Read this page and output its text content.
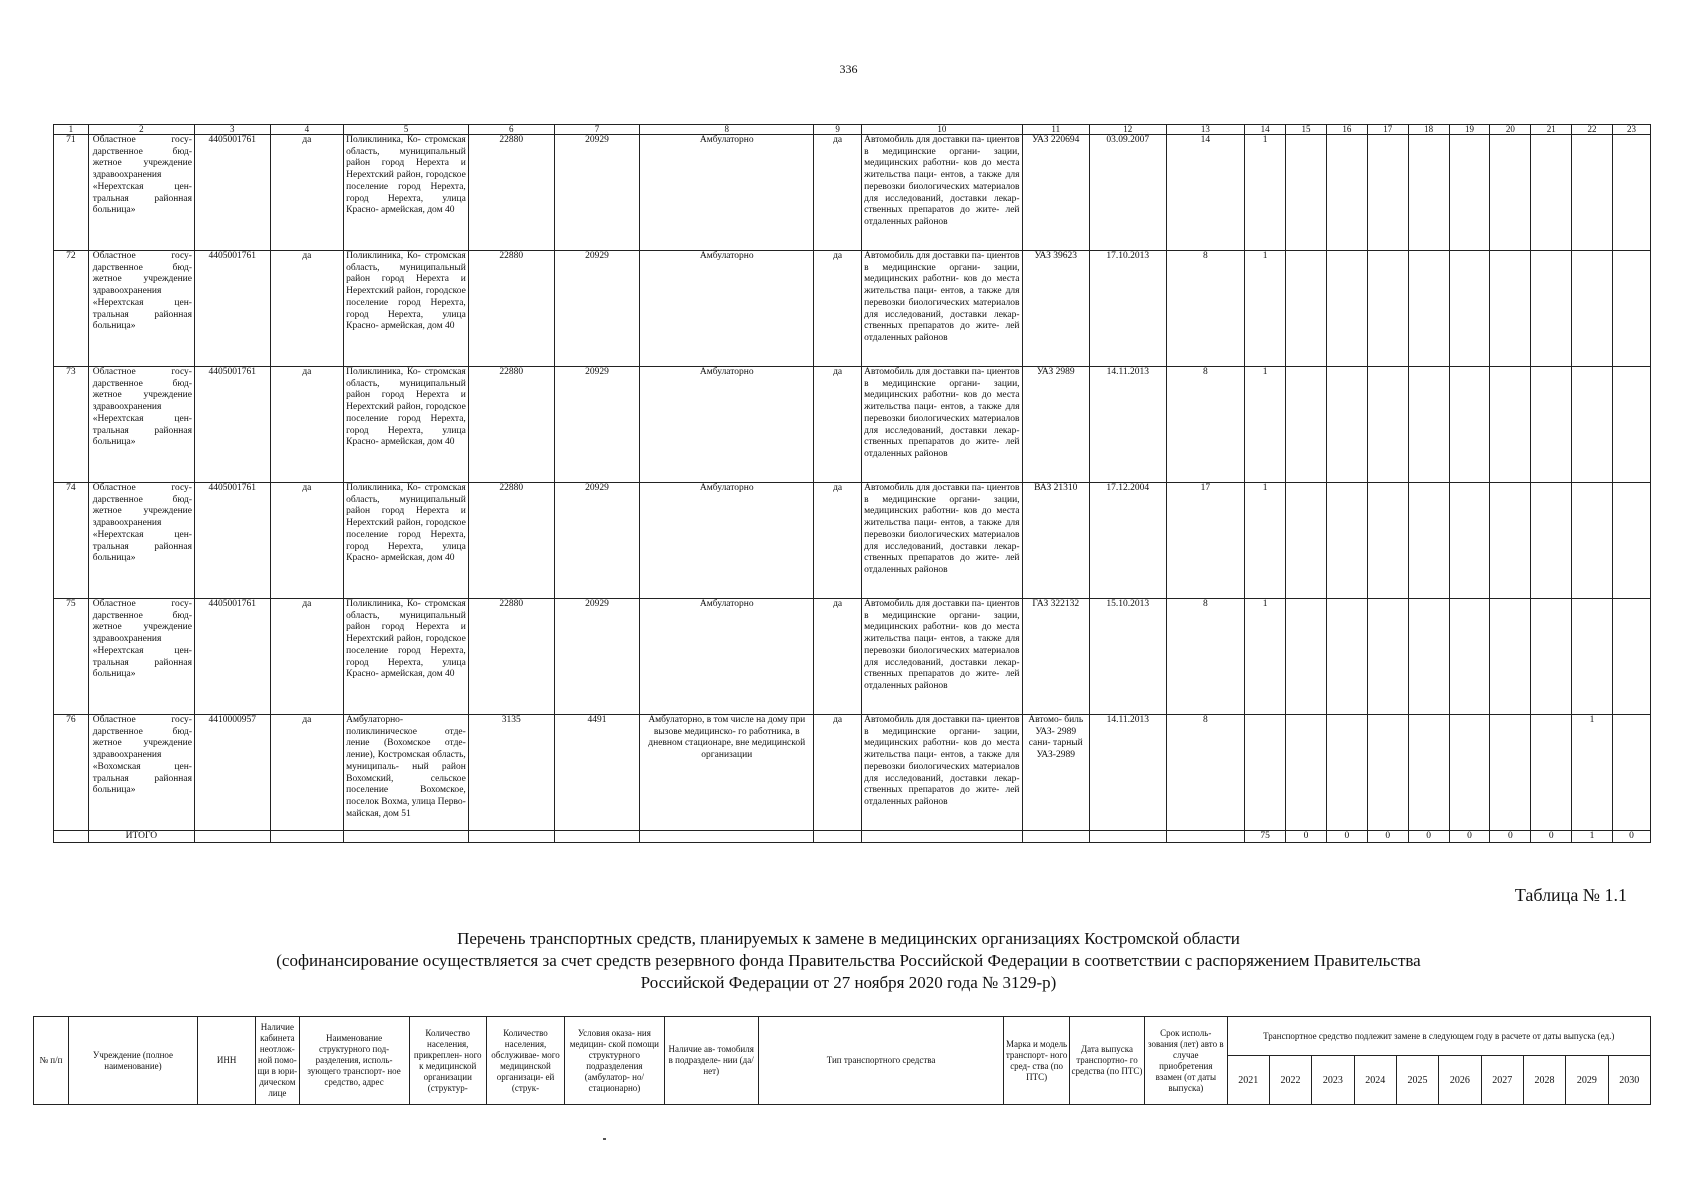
336
1	2	3	4	5	6	7	8	9	10	11	12	13	14	15	16	17	18	19	20	21	22	23
71	Областное госу- дарственное бюд- жетное учреждение здравоохранения «Нерехтская цен- тральная районная больница»	4405001761	да	Поликлиника, Ко- стромская область, муниципальный район город Нерехта и Нерехтский район, городское поселение город Нерехта, город Нерехта, улица Красно- армейская, дом 40	22880	20929	Амбулаторно	да	Автомобиль для доставки па- циентов в медицинские органи- зации, медицинских работни- ков до места жительства паци- ентов, а также для перевозки биологических материалов для исследований, доставки лекар- ственных препаратов до жите- лей отдаленных районов	УАЗ 220694	03.09.2007	14	1									
72	Областное госу- дарственное бюд- жетное учреждение здравоохранения «Нерехтская цен- тральная районная больница»	4405001761	да	Поликлиника, Ко- стромская область, муниципальный район город Нерехта и Нерехтский район, городское поселение город Нерехта, город Нерехта, улица Красно- армейская, дом 40	22880	20929	Амбулаторно	да	Автомобиль для доставки па- циентов в медицинские органи- зации, медицинских работни- ков до места жительства паци- ентов, а также для перевозки биологических материалов для исследований, доставки лекар- ственных препаратов до жите- лей отдаленных районов	УАЗ 39623	17.10.2013	8	1									
73	Областное госу- дарственное бюд- жетное учреждение здравоохранения «Нерехтская цен- тральная районная больница»	4405001761	да	Поликлиника, Ко- стромская область, муниципальный район город Нерехта и Нерехтский район, городское поселение город Нерехта, город Нерехта, улица Красно- армейская, дом 40	22880	20929	Амбулаторно	да	Автомобиль для доставки па- циентов в медицинские органи- зации, медицинских работни- ков до места жительства паци- ентов, а также для перевозки биологических материалов для исследований, доставки лекар- ственных препаратов до жите- лей отдаленных районов	УАЗ 2989	14.11.2013	8	1									
74	Областное госу- дарственное бюд- жетное учреждение здравоохранения «Нерехтская цен- тральная районная больница»	4405001761	да	Поликлиника, Ко- стромская область, муниципальный район город Нерехта и Нерехтский район, городское поселение город Нерехта, город Нерехта, улица Красно- армейская, дом 40	22880	20929	Амбулаторно	да	Автомобиль для доставки па- циентов в медицинские органи- зации, медицинских работни- ков до места жительства паци- ентов, а также для перевозки биологических материалов для исследований, доставки лекар- ственных препаратов до жите- лей отдаленных районов	ВАЗ 21310	17.12.2004	17	1									
75	Областное госу- дарственное бюд- жетное учреждение здравоохранения «Нерехтская цен- тральная районная больница»	4405001761	да	Поликлиника, Ко- стромская область, муниципальный район город Нерехта и Нерехтский район, городское поселение город Нерехта, город Нерехта, улица Красно- армейская, дом 40	22880	20929	Амбулаторно	да	Автомобиль для доставки па- циентов в медицинские органи- зации, медицинских работни- ков до места жительства паци- ентов, а также для перевозки биологических материалов для исследований, доставки лекар- ственных препаратов до жите- лей отдаленных районов	ГАЗ 322132	15.10.2013	8	1									
76	Областное госу- дарственное бюд- жетное учреждение здравоохранения «Вохомская цен- тральная районная больница»	4410000957	да	Амбулаторно- поликлиническое отде- ление (Вохомское отде- ление), Костромская область, муниципаль- ный район Вохомский, сельское поселение Вохомское, поселок Вохма, улица Перво- майская, дом 51	3135	4491	Амбулаторно, в том числе на дому при вызове медицинско- го работника, в дневном стационаре, вне медицинской организации	да	Автомобиль для доставки па- циентов в медицинские органи- зации, медицинских работни- ков до места жительства паци- ентов, а также для перевозки биологических материалов для исследований, доставки лекар- ственных препаратов до жите- лей отдаленных районов	Автомо- биль УАЗ- 2989 сани- тарный УАЗ-2989	14.11.2013	8									1	
	ИТОГО												75	0	0	0	0	0	0	0	1	0
Таблица № 1.1
Перечень транспортных средств, планируемых к замене в медицинских организациях Костромской области
(софинансирование осуществляется за счет средств резервного фонда Правительства Российской Федерации в соответствии с распоряжением Правительства
Российской Федерации от 27 ноября 2020 года № 3129-р)
№ п/п	Учреждение (полное наименование)	ИНН	Наличие кабинета неотлож- ной помо- щи в юри- дическом лице	Наименование структурного под- разделения, исполь- зующего транспорт- ное средство, адрес	Количество населения, прикреплен- ного к медицинской организации (структур-	Количество населения, обслуживае- мого медицинской организаци- ей (струк-	Условия оказа- ния медицин- ской помощи структурного подразделения (амбулатор- но/стационарно)	Наличие ав- томобиля в подразделе- нии (да/нет)	Тип транспортного средства	Марка и модель транспорт- ного сред- ства (по ПТС)	Дата выпуска транспортно- го средства (по ПТС)	Срок исполь- зования (лет) авто в случае приобретения взамен (от даты выпуска)	Транспортное средство подлежит замене в следующем году в расчете от даты выпуска (ед.)									
													2021	2022	2023	2024	2025	2026	2027	2028	2029	2030
